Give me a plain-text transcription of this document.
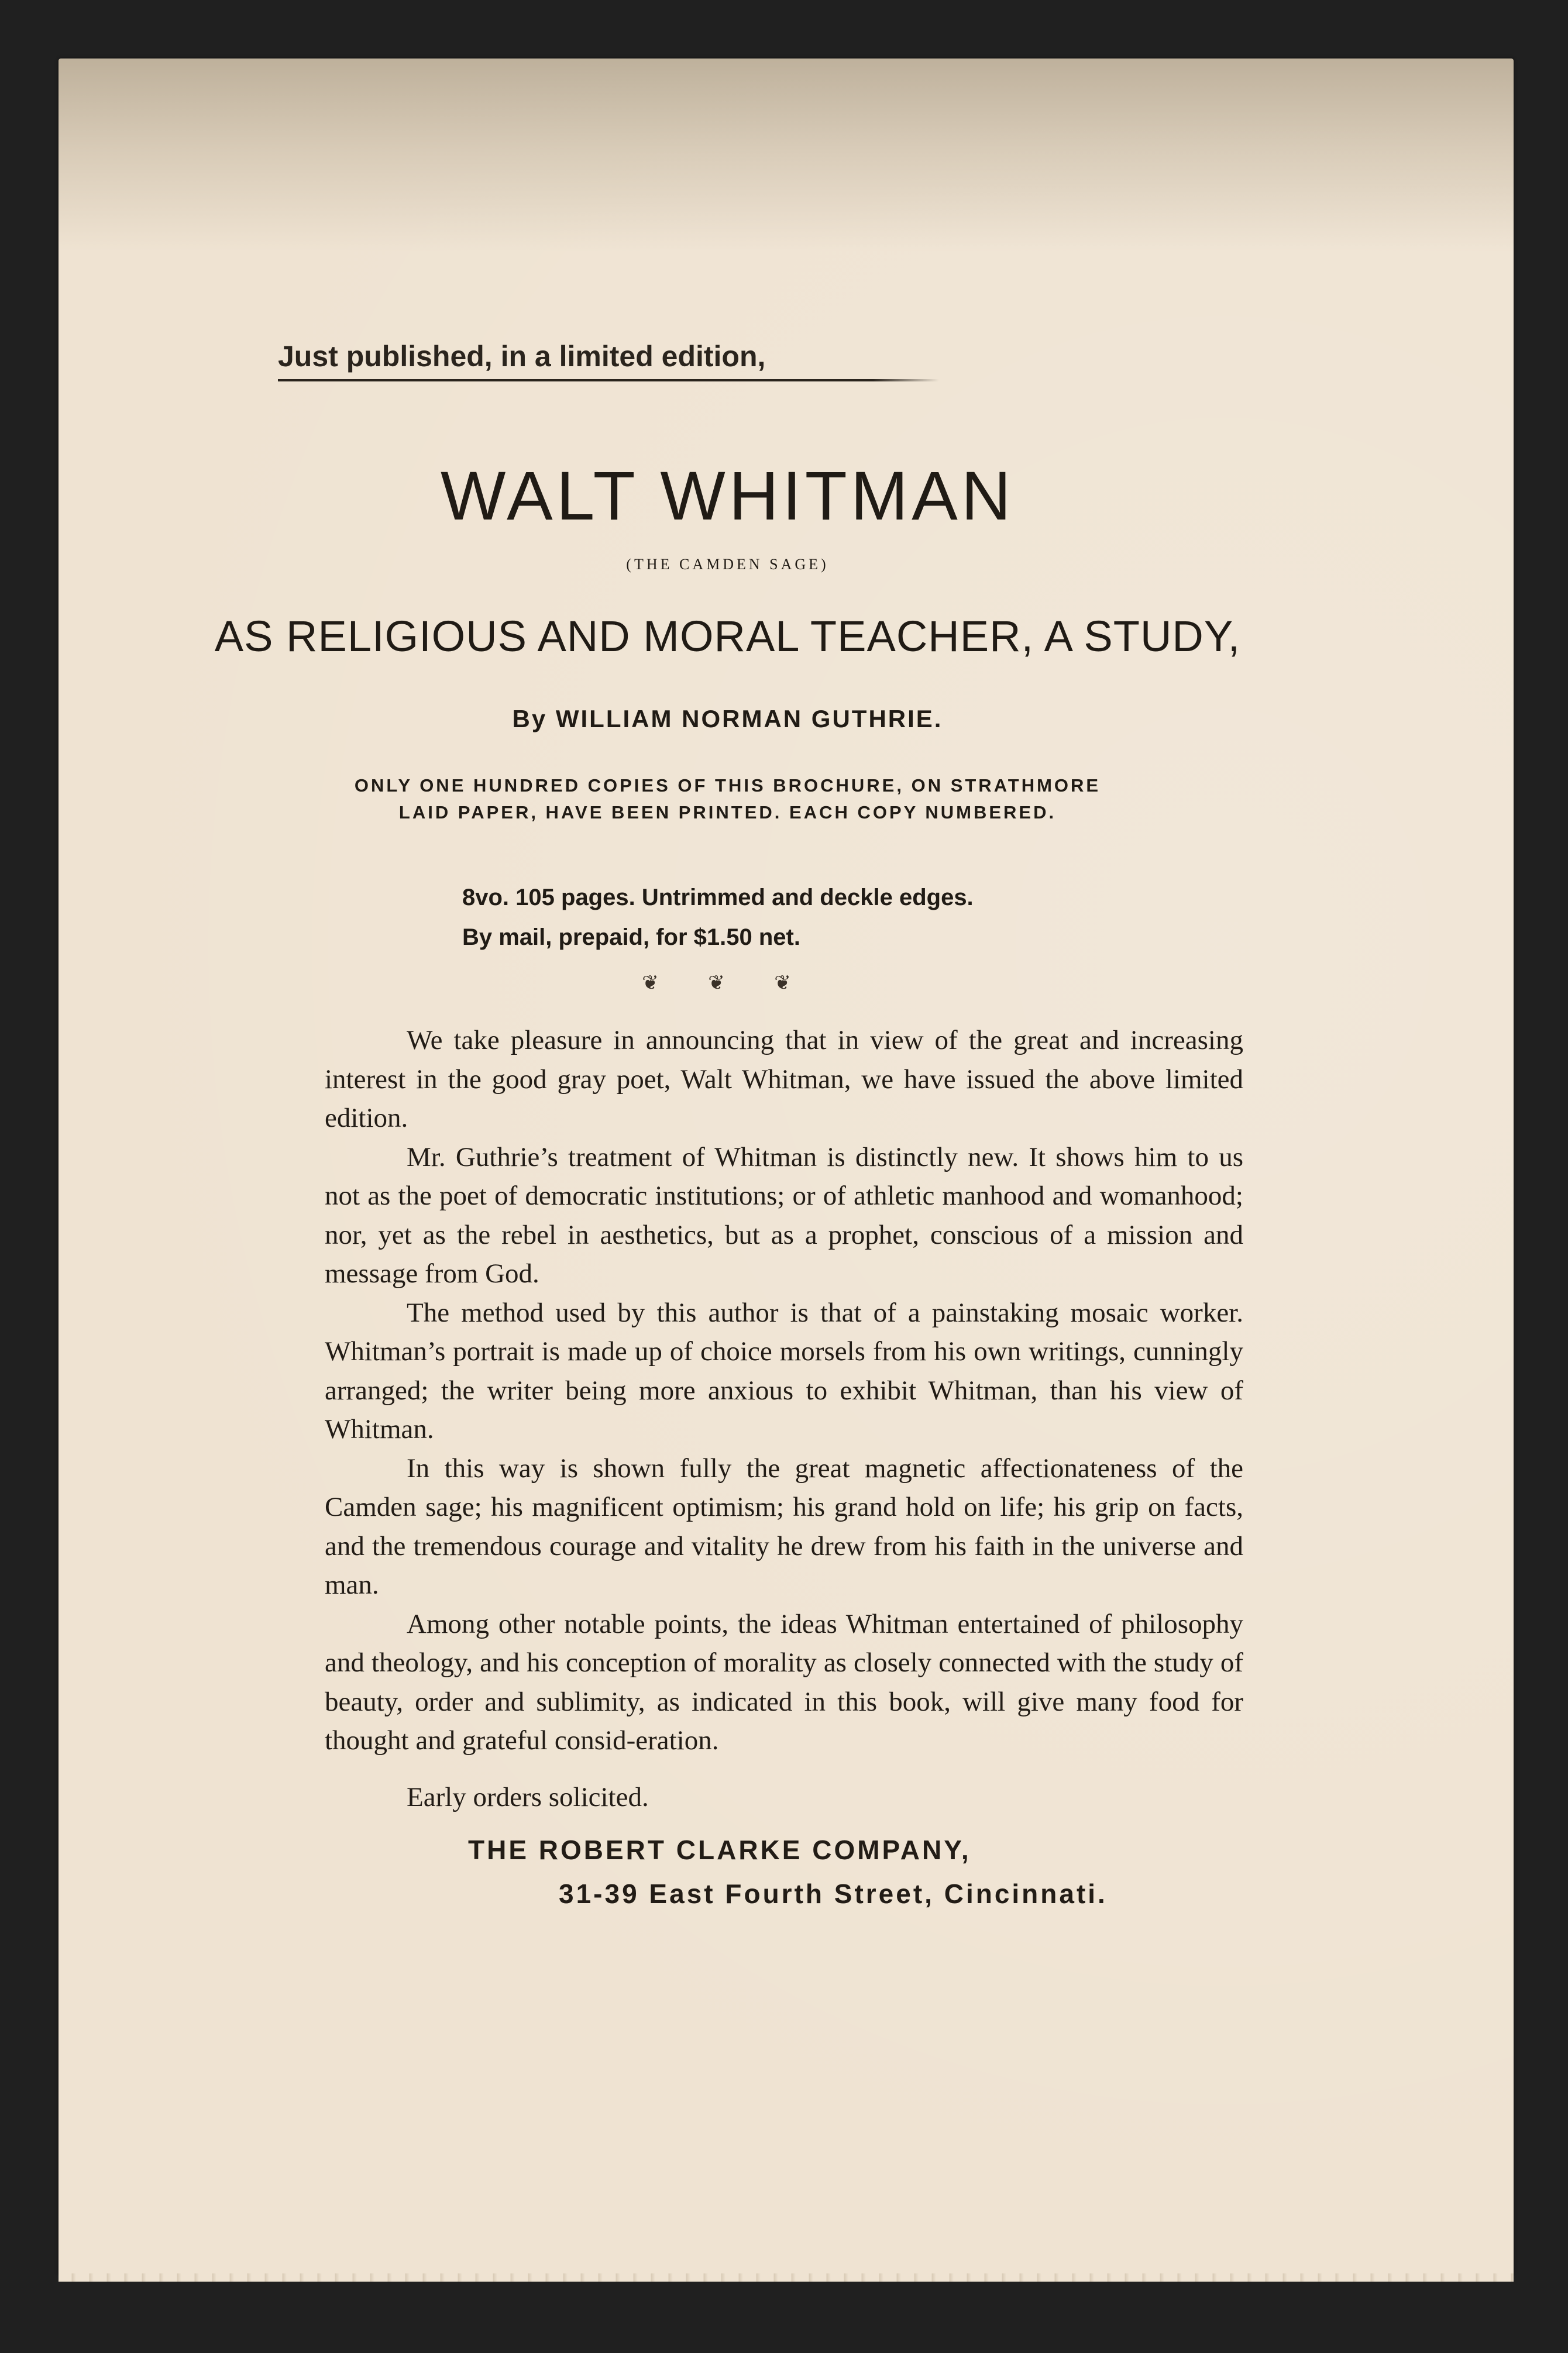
Just published, in a limited edition,
WALT WHITMAN
(THE CAMDEN SAGE)
AS RELIGIOUS AND MORAL TEACHER, A STUDY,
By WILLIAM NORMAN GUTHRIE.
ONLY ONE HUNDRED COPIES OF THIS BROCHURE, ON STRATHMORE
LAID PAPER, HAVE BEEN PRINTED. EACH COPY NUMBERED.
8vo. 105 pages. Untrimmed and deckle edges.
By mail, prepaid, for $1.50 net.
❦ ❦ ❦

We take pleasure in announcing that in view of the great and increasing interest in the good gray poet, Walt Whitman, we have issued the above limited edition.

Mr. Guthrie’s treatment of Whitman is distinctly new. It shows him to us not as the poet of democratic institutions; or of athletic manhood and womanhood; nor, yet as the rebel in aesthetics, but as a prophet, conscious of a mission and message from God.

The method used by this author is that of a painstaking mosaic worker. Whitman’s portrait is made up of choice morsels from his own writings, cunningly arranged; the writer being more anxious to exhibit Whitman, than his view of Whitman.

In this way is shown fully the great magnetic affectionateness of the Camden sage; his magnificent optimism; his grand hold on life; his grip on facts, and the tremendous courage and vitality he drew from his faith in the universe and man.

Among other notable points, the ideas Whitman entertained of philosophy and theology, and his conception of morality as closely connected with the study of beauty, order and sublimity, as indicated in this book, will give many food for thought and grateful consid-eration.

Early orders solicited.
THE ROBERT CLARKE COMPANY,
31-39 East Fourth Street, Cincinnati.
